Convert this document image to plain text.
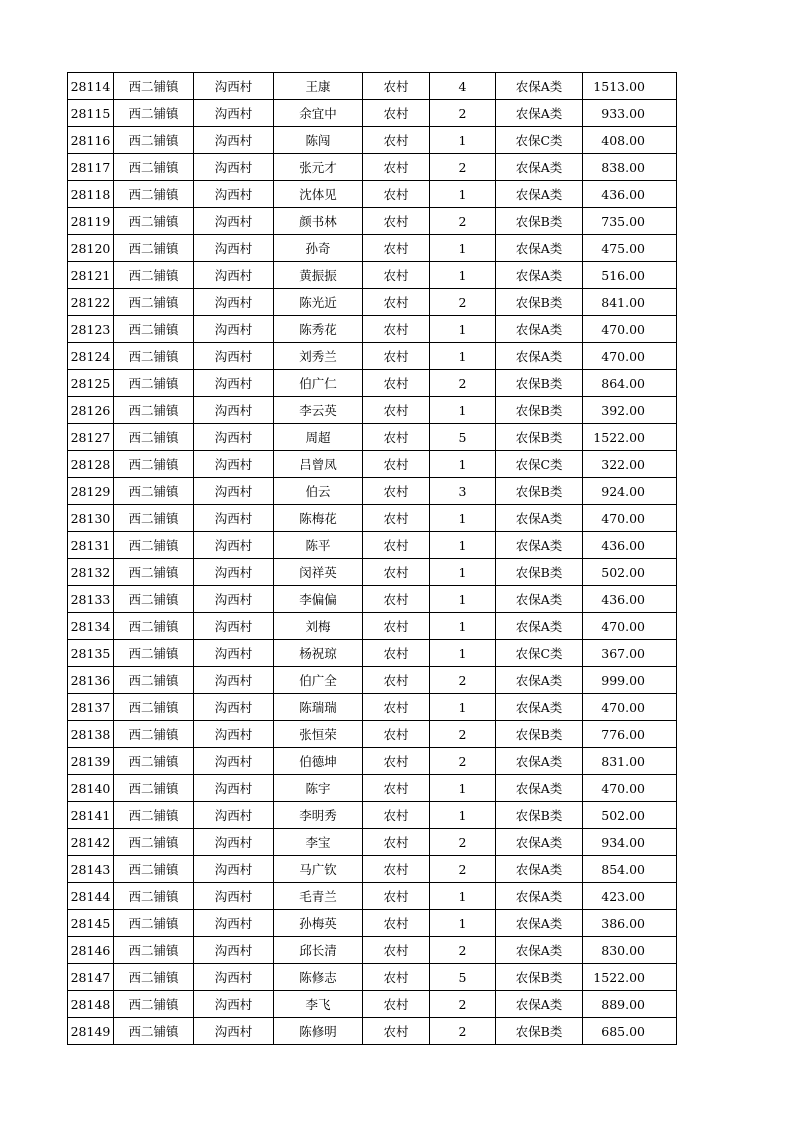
28114	西二铺镇	沟西村	王康	农村	4	农保A类	1513.00
28115	西二铺镇	沟西村	余宜中	农村	2	农保A类	933.00
28116	西二铺镇	沟西村	陈闯	农村	1	农保C类	408.00
28117	西二铺镇	沟西村	张元才	农村	2	农保A类	838.00
28118	西二铺镇	沟西村	沈体见	农村	1	农保A类	436.00
28119	西二铺镇	沟西村	颜书林	农村	2	农保B类	735.00
28120	西二铺镇	沟西村	孙奇	农村	1	农保A类	475.00
28121	西二铺镇	沟西村	黄振振	农村	1	农保A类	516.00
28122	西二铺镇	沟西村	陈光近	农村	2	农保B类	841.00
28123	西二铺镇	沟西村	陈秀花	农村	1	农保A类	470.00
28124	西二铺镇	沟西村	刘秀兰	农村	1	农保A类	470.00
28125	西二铺镇	沟西村	伯广仁	农村	2	农保B类	864.00
28126	西二铺镇	沟西村	李云英	农村	1	农保B类	392.00
28127	西二铺镇	沟西村	周超	农村	5	农保B类	1522.00
28128	西二铺镇	沟西村	吕曾凤	农村	1	农保C类	322.00
28129	西二铺镇	沟西村	伯云	农村	3	农保B类	924.00
28130	西二铺镇	沟西村	陈梅花	农村	1	农保A类	470.00
28131	西二铺镇	沟西村	陈平	农村	1	农保A类	436.00
28132	西二铺镇	沟西村	闵祥英	农村	1	农保B类	502.00
28133	西二铺镇	沟西村	李偏偏	农村	1	农保A类	436.00
28134	西二铺镇	沟西村	刘梅	农村	1	农保A类	470.00
28135	西二铺镇	沟西村	杨祝琼	农村	1	农保C类	367.00
28136	西二铺镇	沟西村	伯广全	农村	2	农保A类	999.00
28137	西二铺镇	沟西村	陈瑞瑞	农村	1	农保A类	470.00
28138	西二铺镇	沟西村	张恒荣	农村	2	农保B类	776.00
28139	西二铺镇	沟西村	伯德坤	农村	2	农保A类	831.00
28140	西二铺镇	沟西村	陈宇	农村	1	农保A类	470.00
28141	西二铺镇	沟西村	李明秀	农村	1	农保B类	502.00
28142	西二铺镇	沟西村	李宝	农村	2	农保A类	934.00
28143	西二铺镇	沟西村	马广钦	农村	2	农保A类	854.00
28144	西二铺镇	沟西村	毛青兰	农村	1	农保A类	423.00
28145	西二铺镇	沟西村	孙梅英	农村	1	农保A类	386.00
28146	西二铺镇	沟西村	邱长清	农村	2	农保A类	830.00
28147	西二铺镇	沟西村	陈修志	农村	5	农保B类	1522.00
28148	西二铺镇	沟西村	李飞	农村	2	农保A类	889.00
28149	西二铺镇	沟西村	陈修明	农村	2	农保B类	685.00
